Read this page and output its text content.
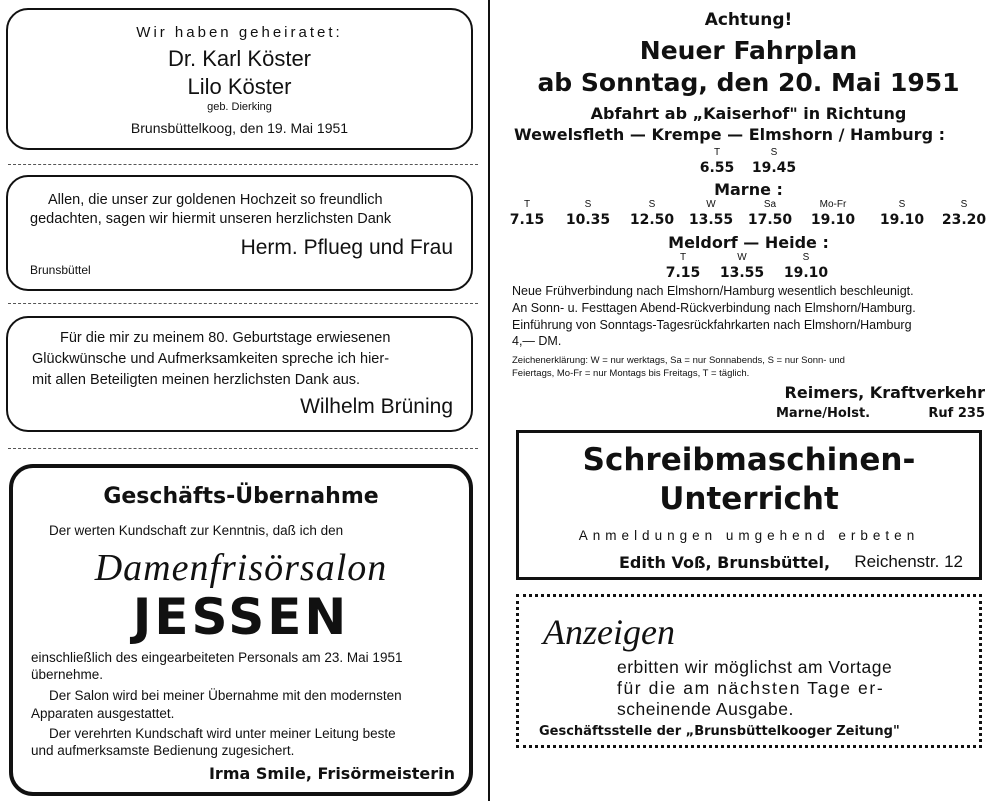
Wir haben geheiratet:
Dr. Karl Köster
Lilo Köster
geb. Dierking
Brunsbüttelkoog, den 19. Mai 1951
Allen, die unser zur goldenen Hochzeit so freundlich
gedachten, sagen wir hiermit unseren herzlichsten Dank
Herm. Pflueg und Frau
Brunsbüttel
Für die mir zu meinem 80. Geburtstage erwiesenen
Glückwünsche und Aufmerksamkeiten spreche ich hier-
mit allen Beteiligten meinen herzlichsten Dank aus.
Wilhelm Brüning
Geschäfts-Übernahme
Der werten Kundschaft zur Kenntnis, daß ich den
Damenfrisörsalon
JESSEN
einschließlich des eingearbeiteten Personals am 23. Mai 1951
übernehme.
Der Salon wird bei meiner Übernahme mit den modernsten
Apparaten ausgestattet.
Der verehrten Kundschaft wird unter meiner Leitung beste
und aufmerksamste Bedienung zugesichert.
Irma Smile, Frisörmeisterin
Achtung!
Neuer Fahrplan
ab Sonntag, den 20. Mai 1951
Abfahrt ab „Kaiserhof" in Richtung
Wewelsfleth — Krempe — Elmshorn / Hamburg :
T
6.55
S
19.45
Marne :
T
7.15
S
10.35
S
12.50
W
13.55
Sa
17.50
Mo-Fr
19.10
S
19.10
S
23.20
Meldorf — Heide :
T
7.15
W
13.55
S
19.10
Neue Frühverbindung nach Elmshorn/Hamburg wesentlich beschleunigt.
An Sonn- u. Festtagen Abend-Rückverbindung nach Elmshorn/Hamburg.
Einführung von Sonntags-Tagesrückfahrkarten nach Elmshorn/Hamburg
4,— DM.
Zeichenerklärung: W = nur werktags, Sa = nur Sonnabends, S = nur Sonn- und
Feiertags, Mo-Fr = nur Montags bis Freitags, T = täglich.
Reimers, Kraftverkehr
Marne/Holst.	Ruf 235
Schreibmaschinen-
Unterricht
Anmeldungen umgehend erbeten
Edith Voß, Brunsbüttel, Reichenstr. 12
Anzeigen
erbitten wir möglichst am Vortage
für die am nächsten Tage er-
scheinende Ausgabe.
Geschäftsstelle der „Brunsbüttelkooger Zeitung"
